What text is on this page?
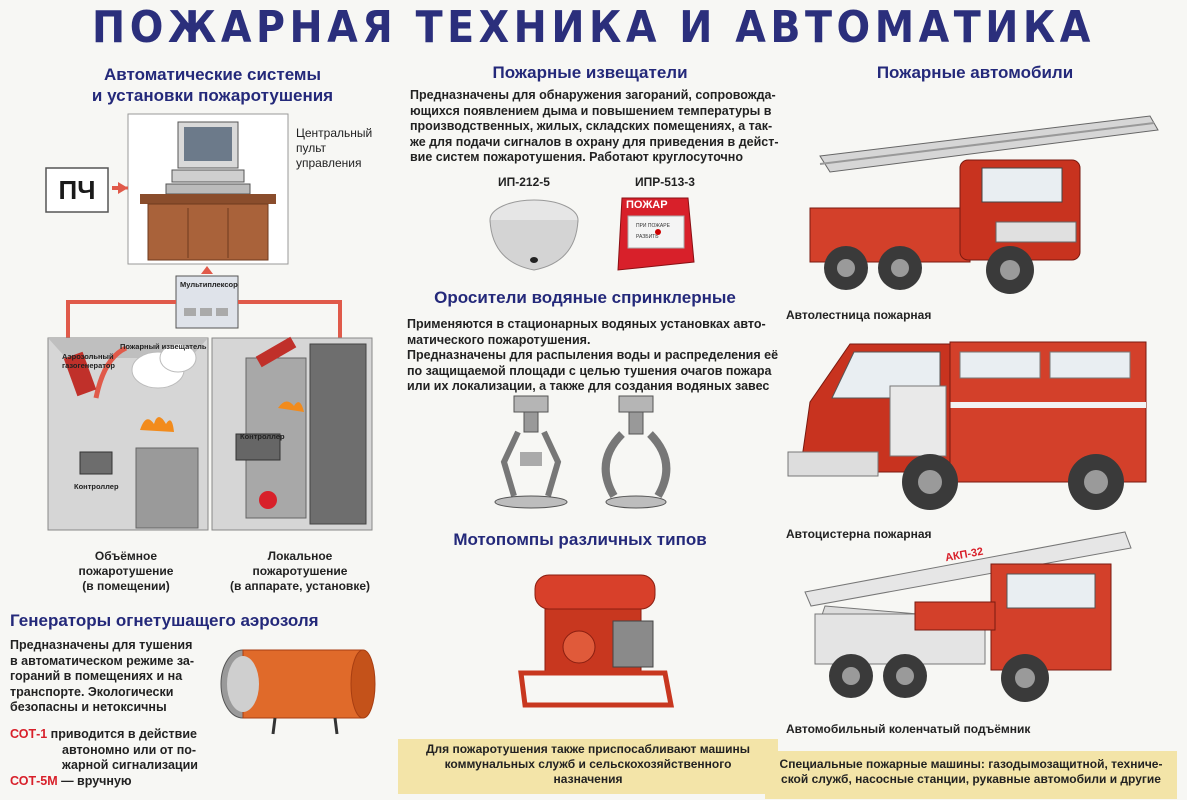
ПОЖАРНАЯ ТЕХНИКА И АВТОМАТИКА
Автоматические системы
и установки пожаротушения
ПЧ
Центральный
пульт
управления
Мультиплексор
Пожарный извещатель
Аэрозольный
газогенератор
Контроллер
Контроллер
Объёмное
пожаротушение
(в помещении)
Локальное
пожаротушение
(в аппарате, установке)
Генераторы огнетушащего аэрозоля
Предназначены для тушения
в автоматическом режиме за-
гораний в помещениях и на
транспорте. Экологически
безопасны и нетоксичны
СОТ-1 приводится в действие
автономно или от по-
жарной сигнализации
СОТ-5М — вручную
Пожарные извещатели
Предназначены для обнаружения загораний, сопровожда-
ющихся появлением дыма и повышением температуры в
производственных, жилых, складских помещениях, а так-
же для подачи сигналов в охрану для приведения в дейст-
вие систем пожаротушения. Работают круглосуточно
ИП-212-5	ИПР-513-3
ПОЖАР
ПРИ ПОЖАРЕ
РАЗБИТЬ
Оросители водяные спринклерные
Применяются в стационарных водяных установках авто-
матического пожаротушения.
Предназначены для распыления воды и распределения её
по защищаемой площади с целью тушения очагов пожара
или их локализации, а также для создания водяных завес
Мотопомпы различных типов
Для пожаротушения также приспосабливают машины
коммунальных служб и сельскохозяйственного
назначения
Пожарные автомобили
Автолестница пожарная
Автоцистерна пожарная
АКП-32
Автомобильный коленчатый подъёмник
Специальные пожарные машины: газодымозащитной, техниче-
ской служб, насосные станции, рукавные автомобили и другие
